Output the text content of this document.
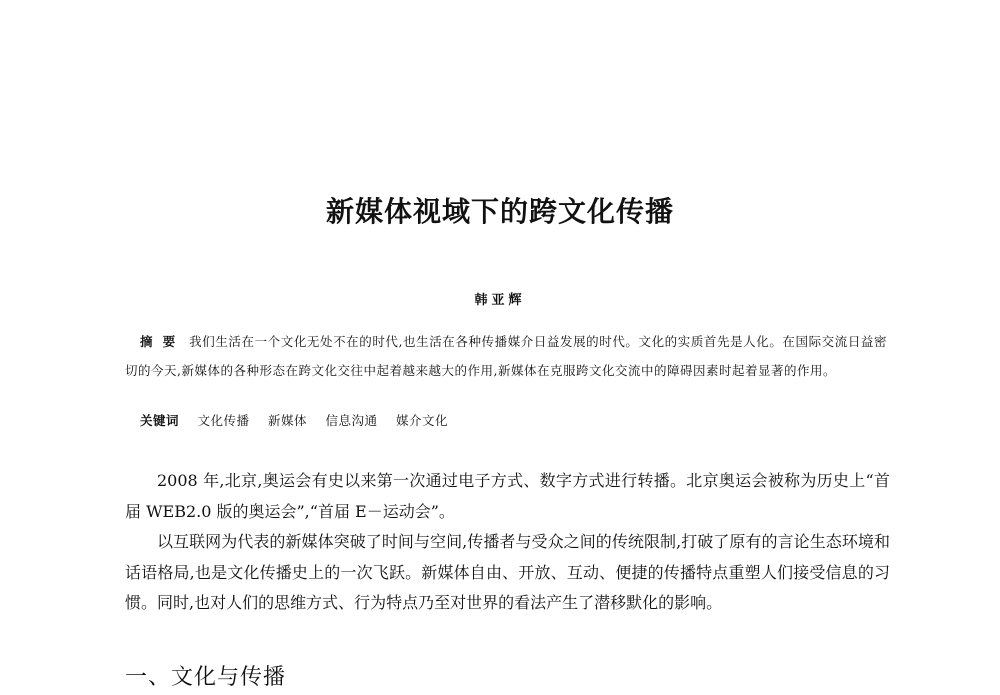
新媒体视域下的跨文化传播
韩亚辉
摘要 我们生活在一个文化无处不在的时代,也生活在各种传播媒介日益发展的时代。文化的实质首先是人化。在国际交流日益密切的今天,新媒体的各种形态在跨文化交往中起着越来越大的作用,新媒体在克服跨文化交流中的障碍因素时起着显著的作用。
关键词 文化传播 新媒体 信息沟通 媒介文化

2008 年,北京,奥运会有史以来第一次通过电子方式、数字方式进行转播。北京奥运会被称为历史上“首届 WEB2.0 版的奥运会”,“首届 E－运动会”。

以互联网为代表的新媒体突破了时间与空间,传播者与受众之间的传统限制,打破了原有的言论生态环境和话语格局,也是文化传播史上的一次飞跃。新媒体自由、开放、互动、便捷的传播特点重塑人们接受信息的习惯。同时,也对人们的思维方式、行为特点乃至对世界的看法产生了潜移默化的影响。

一、文化与传播
